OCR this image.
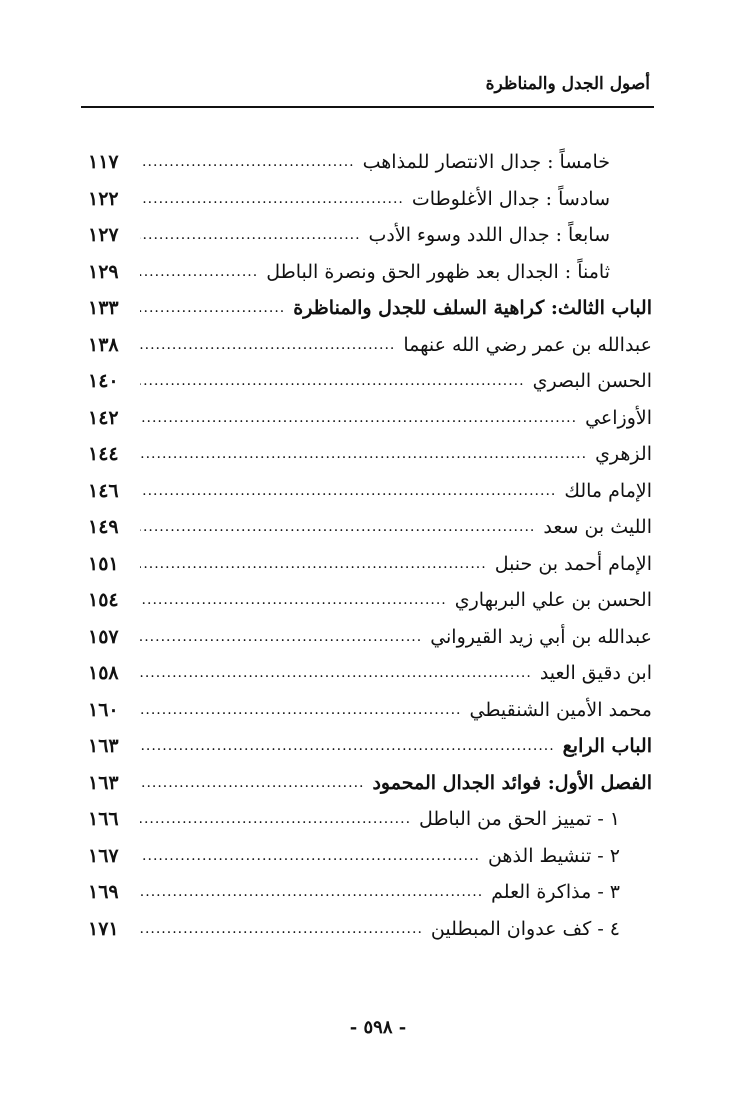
أصول الجدل والمناظرة
خامساً : جدال الانتصار للمذاهب
.....
١١٧
سادساً : جدال الأغلوطات
.....
١٢٢
سابعاً : جدال اللدد وسوء الأدب
.....
١٢٧
ثامناً : الجدال بعد ظهور الحق ونصرة الباطل
.....
١٢٩
الباب الثالث: كراهية السلف للجدل والمناظرة
.....
١٣٣
عبدالله بن عمر رضي الله عنهما
.....
١٣٨
الحسن البصري
.....
١٤٠
الأوزاعي
.....
١٤٢
الزهري
.....
١٤٤
الإمام مالك
.....
١٤٦
الليث بن سعد
.....
١٤٩
الإمام أحمد بن حنبل
.....
١٥١
الحسن بن علي البربهاري
.....
١٥٤
عبدالله بن أبي زيد القيرواني
.....
١٥٧
ابن دقيق العيد
.....
١٥٨
محمد الأمين الشنقيطي
.....
١٦٠
الباب الرابع
.....
١٦٣
الفصل الأول: فوائد الجدال المحمود
.....
١٦٣
١ - تمييز الحق من الباطل
.....
١٦٦
٢ - تنشيط الذهن
.....
١٦٧
٣ - مذاكرة العلم
.....
١٦٩
٤ - كف عدوان المبطلين
.....
١٧١
- ٥٩٨ -
